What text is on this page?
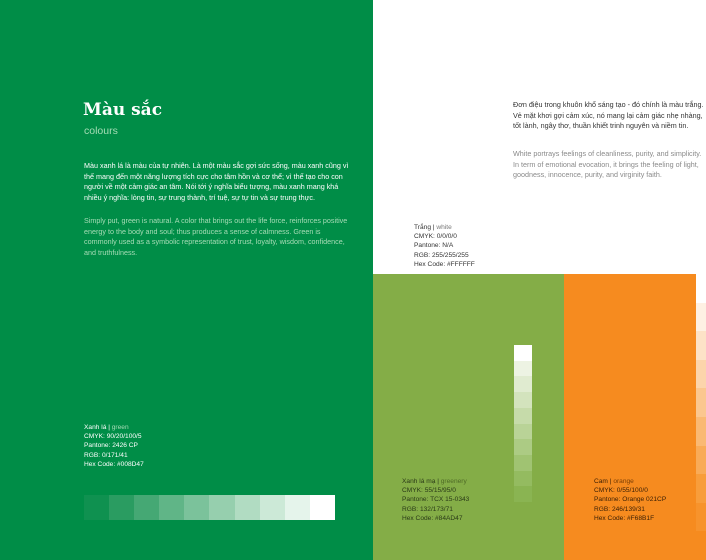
Màu sắc
colours
Màu xanh lá là màu của tự nhiên. Là một màu sắc gợi sức sống, màu xanh cũng vì thế mang đến một năng lượng tích cực cho tâm hồn và cơ thể; vì thế tạo cho con người về một cảm giác an tâm. Nói tới ý nghĩa biểu tượng, màu xanh mang khá nhiều ý nghĩa: lòng tin, sự trung thành, trí tuệ, sự tự tin và sự trung thực.
Simply put, green is natural. A color that brings out the life force, reinforces positive energy to the body and soul; thus produces a sense of calmness. Green is commonly used as a symbolic representation of trust, loyalty, wisdom, confidence, and truthfulness.
Đơn điệu trong khuôn khổ sáng tạo - đó chính là màu trắng. Vẻ mặt khơi gợi cảm xúc, nó mang lại cảm giác nhẹ nhàng, tốt lành, ngây thơ, thuần khiết trinh nguyên và niềm tin.
White portrays feelings of cleanliness, purity, and simplicity. In term of emotional evocation, it brings the feeling of light, goodness, innocence, purity, and virginity faith.
Xanh lá | green
CMYK: 90/20/100/5
Pantone: 2426 CP
RGB: 0/171/41
Hex Code: #008D47
Trắng | white
CMYK: 0/0/0/0
Pantone: N/A
RGB: 255/255/255
Hex Code: #FFFFFF
Xanh lá mạ | greenery
CMYK: 55/15/95/0
Pantone: TCX 15-0343
RGB: 132/173/71
Hex Code: #84AD47
Cam | orange
CMYK: 0/55/100/0
Pantone: Orange 021CP
RGB: 246/139/31
Hex Code: #F68B1F
